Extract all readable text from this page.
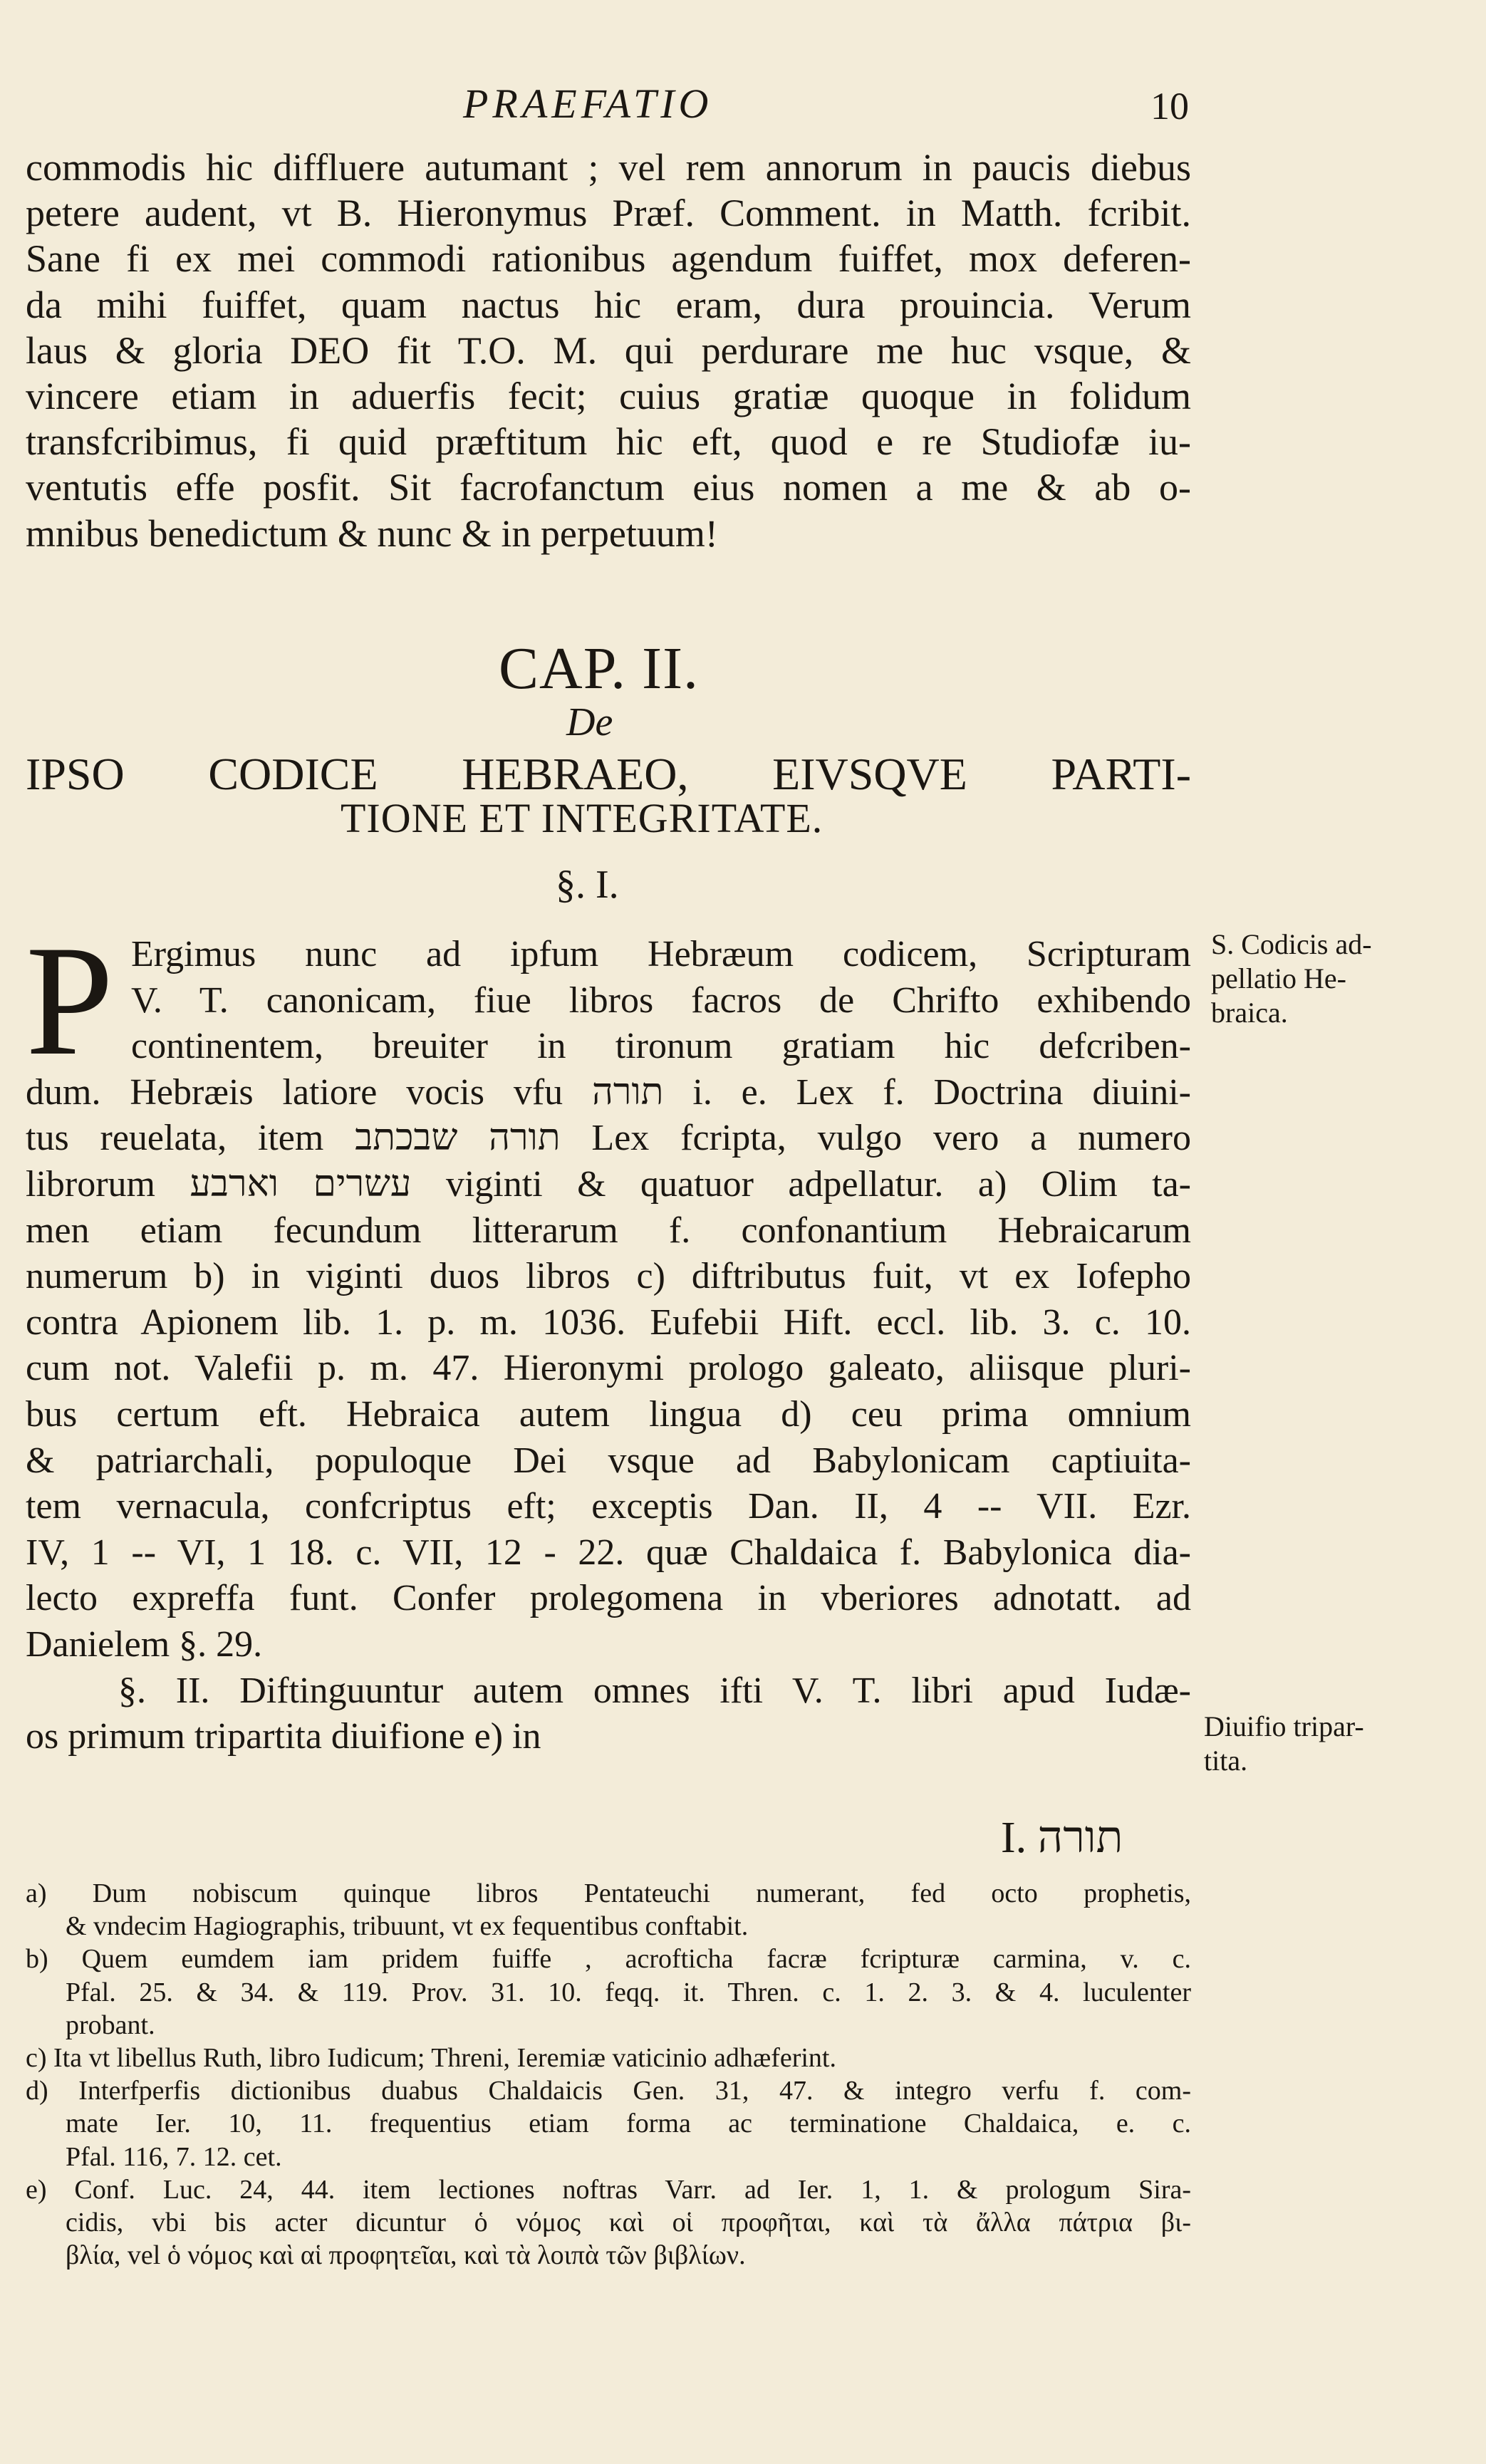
PRAEFATIO	10
commodis hic diffluere autumant ; vel rem annorum in paucis diebus
petere audent, vt B. Hieronymus Præf. Comment. in Matth. fcribit.
Sane fi ex mei commodi rationibus agendum fuiffet, mox deferen-
da mihi fuiffet, quam nactus hic eram, dura prouincia. Verum
laus & gloria DEO fit T.O. M. qui perdurare me huc vsque, &
vincere etiam in aduerfis fecit; cuius gratiæ quoque in folidum
transfcribimus, fi quid præftitum hic eft, quod e re Studiofæ iu-
ventutis effe posfit. Sit facrofanctum eius nomen a me & ab o-
mnibus benedictum & nunc & in perpetuum!
CAP. II.
De
IPSO CODICE HEBRAEO, EIVSQVE PARTI-
TIONE ET INTEGRITATE.
§. I.
P Ergimus nunc ad ipfum Hebræum codicem, Scripturam
V. T. canonicam, fiue libros facros de Chrifto exhibendo
continentem, breuiter in tironum gratiam hic defcriben-
dum. Hebræis latiore vocis vfu תורה i. e. Lex f. Doctrina diuini-
tus reuelata, item תורה שבכתב Lex fcripta, vulgo vero a numero
librorum עשרים וארבע viginti & quatuor adpellatur. a) Olim ta-
men etiam fecundum litterarum f. confonantium Hebraicarum
numerum b) in viginti duos libros c) diftributus fuit, vt ex Iofepho
contra Apionem lib. 1. p. m. 1036. Eufebii Hift. eccl. lib. 3. c. 10.
cum not. Valefii p. m. 47. Hieronymi prologo galeato, aliisque pluri-
bus certum eft. Hebraica autem lingua d) ceu prima omnium
& patriarchali, populoque Dei vsque ad Babylonicam captiuita-
tem vernacula, confcriptus eft; exceptis Dan. II, 4 -- VII. Ezr.
IV, 1 -- VI, 1 18. c. VII, 12 - 22. quæ Chaldaica f. Babylonica dia-
lecto expreffa funt. Confer prolegomena in vberiores adnotatt. ad
Danielem §. 29.
§. II. Diftinguuntur autem omnes ifti V. T. libri apud Iudæ-
os primum tripartita diuifione e) in
S. Codicis ad-
pellatio He-
braica.
Diuifio tripar-
tita.
I. תורה
a) Dum nobiscum quinque libros Pentateuchi numerant, fed octo prophetis,
& vndecim Hagiographis, tribuunt, vt ex fequentibus conftabit.
b) Quem eumdem iam pridem fuiffe , acrofticha facræ fcripturæ carmina, v. c.
Pfal. 25. & 34. & 119. Prov. 31. 10. feqq. it. Thren. c. 1. 2. 3. & 4. luculenter
probant.
c) Ita vt libellus Ruth, libro Iudicum; Threni, Ieremiæ vaticinio adhæferint.
d) Interfperfis dictionibus duabus Chaldaicis Gen. 31, 47. & integro verfu f. com-
mate Ier. 10, 11. frequentius etiam forma ac terminatione Chaldaica, e. c.
Pfal. 116, 7. 12. cet.
e) Conf. Luc. 24, 44. item lectiones noftras Varr. ad Ier. 1, 1. & prologum Sira-
cidis, vbi bis acter dicuntur ὁ νόμος καὶ οἱ προφῆται, καὶ τὰ ἄλλα πάτρια βι-
βλία, vel ὁ νόμος καὶ αἱ προφητεῖαι, καὶ τὰ λοιπὰ τῶν βιβλίων.
